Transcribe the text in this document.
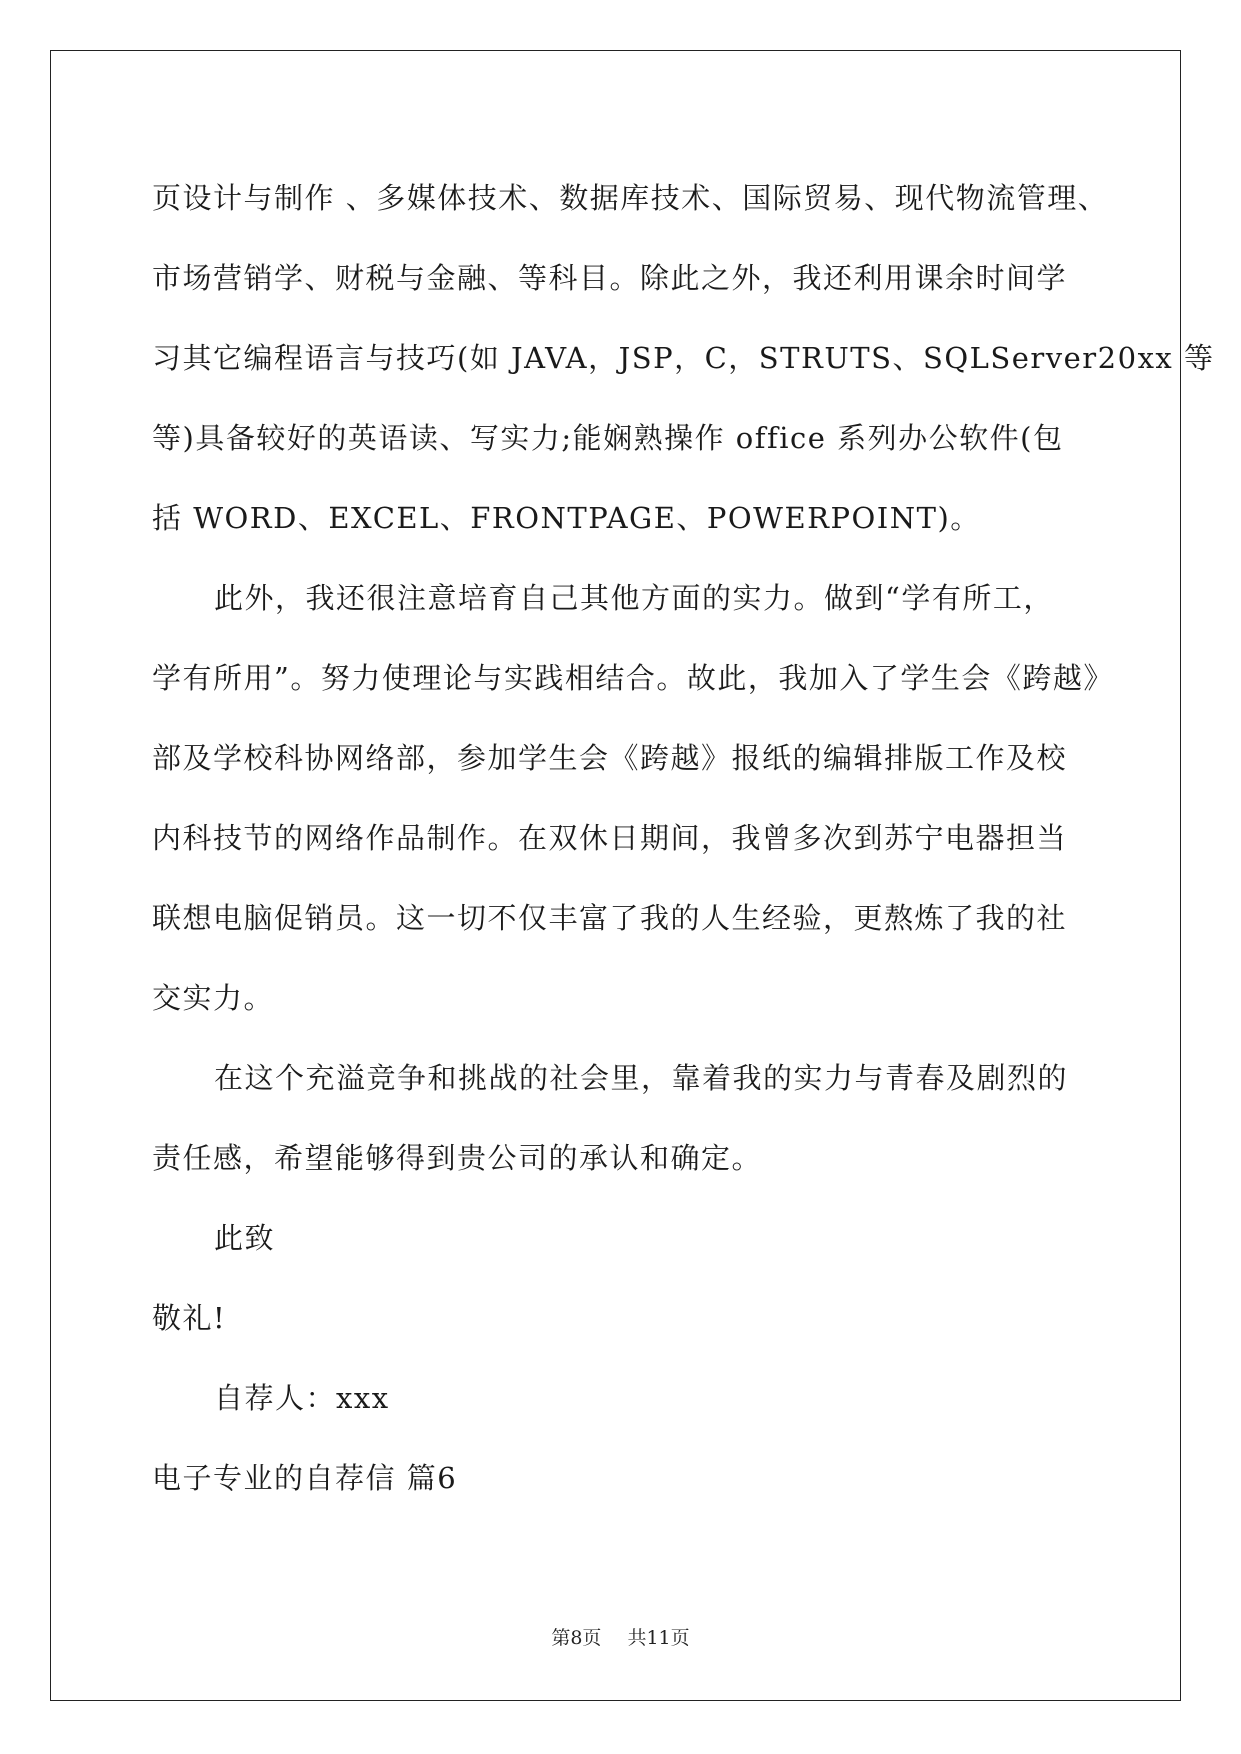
页设计与制作 、多媒体技术、数据库技术、国际贸易、现代物流管理、
市场营销学、财税与金融、等科目。除此之外，我还利用课余时间学
习其它编程语言与技巧(如 JAVA，JSP，C，STRUTS、SQLServer20xx 等
等)具备较好的英语读、写实力;能娴熟操作 office 系列办公软件(包
括 WORD、EXCEL、FRONTPAGE、POWERPOINT)。
此外，我还很注意培育自己其他方面的实力。做到“学有所工，
学有所用”。努力使理论与实践相结合。故此，我加入了学生会《跨越》
部及学校科协网络部，参加学生会《跨越》报纸的编辑排版工作及校
内科技节的网络作品制作。在双休日期间，我曾多次到苏宁电器担当
联想电脑促销员。这一切不仅丰富了我的人生经验，更熬炼了我的社
交实力。
在这个充溢竞争和挑战的社会里，靠着我的实力与青春及剧烈的
责任感，希望能够得到贵公司的承认和确定。
此致
敬礼!
自荐人：xxx
电子专业的自荐信 篇6
第8页 共11页
